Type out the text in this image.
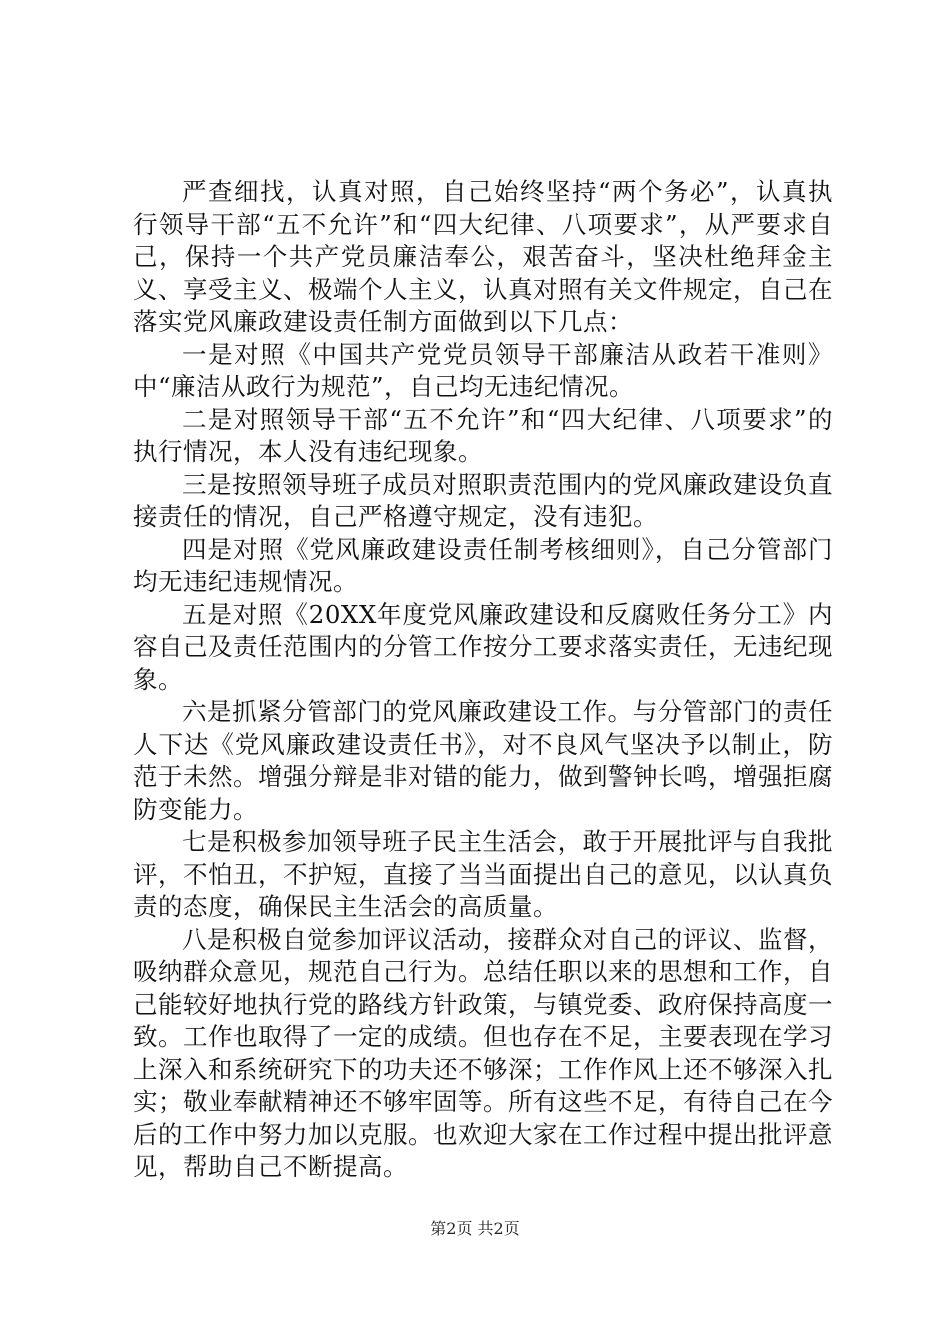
严查细找，认真对照，自己始终坚持“两个务必”，认真执行领导干部“五不允许”和“四大纪律、八项要求”，从严要求自己，保持一个共产党员廉洁奉公，艰苦奋斗，坚决杜绝拜金主义、享受主义、极端个人主义，认真对照有关文件规定，自己在落实党风廉政建设责任制方面做到以下几点：

一是对照《中国共产党党员领导干部廉洁从政若干准则》中“廉洁从政行为规范”，自己均无违纪情况。

二是对照领导干部“五不允许”和“四大纪律、八项要求”的执行情况，本人没有违纪现象。

三是按照领导班子成员对照职责范围内的党风廉政建设负直接责任的情况，自己严格遵守规定，没有违犯。

四是对照《党风廉政建设责任制考核细则》，自己分管部门均无违纪违规情况。

五是对照《20XX年度党风廉政建设和反腐败任务分工》内容自己及责任范围内的分管工作按分工要求落实责任，无违纪现象。

六是抓紧分管部门的党风廉政建设工作。与分管部门的责任人下达《党风廉政建设责任书》，对不良风气坚决予以制止，防范于未然。增强分辩是非对错的能力，做到警钟长鸣，增强拒腐防变能力。

七是积极参加领导班子民主生活会，敢于开展批评与自我批评，不怕丑，不护短，直接了当当面提出自己的意见，以认真负责的态度，确保民主生活会的高质量。

八是积极自觉参加评议活动，接群众对自己的评议、监督，吸纳群众意见，规范自己行为。总结任职以来的思想和工作，自己能较好地执行党的路线方针政策，与镇党委、政府保持高度一致。工作也取得了一定的成绩。但也存在不足，主要表现在学习上深入和系统研究下的功夫还不够深；工作作风上还不够深入扎实；敬业奉献精神还不够牢固等。所有这些不足，有待自己在今后的工作中努力加以克服。也欢迎大家在工作过程中提出批评意见，帮助自己不断提高。

第2页 共2页
